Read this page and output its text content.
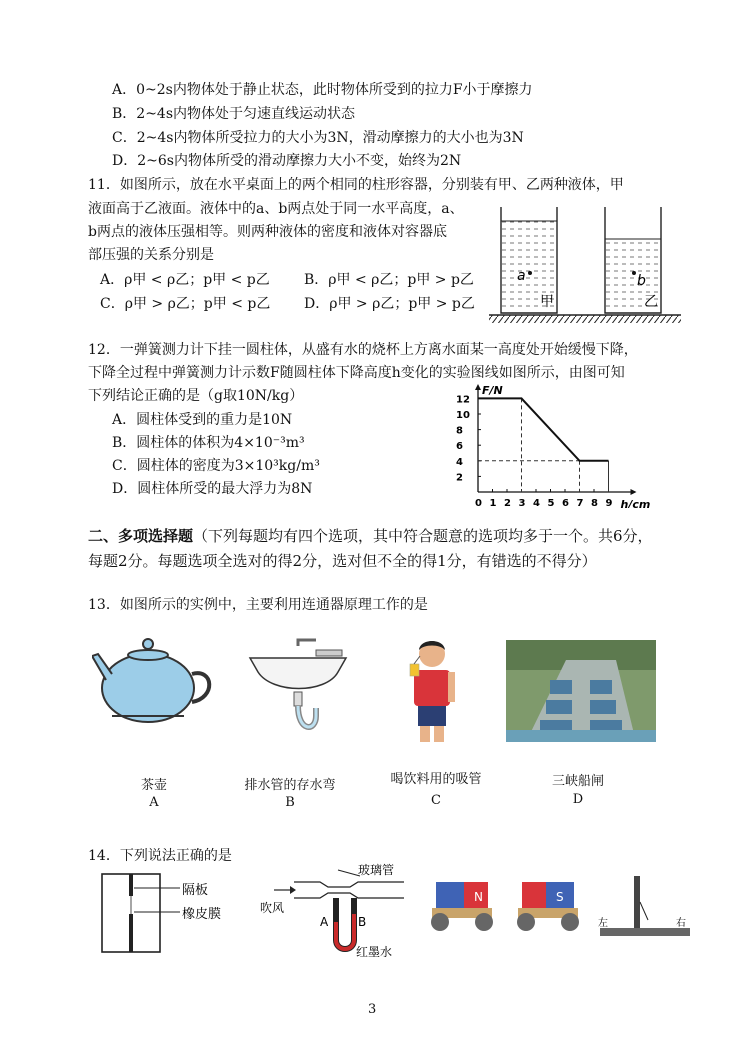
A．0~2s内物体处于静止状态，此时物体所受到的拉力F小于摩擦力
B．2~4s内物体处于匀速直线运动状态
C．2~4s内物体所受拉力的大小为3N，滑动摩擦力的大小也为3N
D．2~6s内物体所受的滑动摩擦力大小不变，始终为2N
11．如图所示，放在水平桌面上的两个相同的柱形容器，分别装有甲、乙两种液体，甲
液面高于乙液面。液体中的a、b两点处于同一水平高度，a、
b两点的液体压强相等。则两种液体的密度和液体对容器底
部压强的关系分别是
A．ρ甲 < ρ乙；p甲 < p乙 B．ρ甲 < ρ乙；p甲 > p乙
C．ρ甲 > ρ乙；p甲 < p乙 D．ρ甲 > ρ乙；p甲 > p乙
a
甲
b
乙
12．一弹簧测力计下挂一圆柱体，从盛有水的烧杯上方离水面某一高度处开始缓慢下降，
下降全过程中弹簧测力计示数F随圆柱体下降高度h变化的实验图线如图所示，由图可知
下列结论正确的是（g取10N/kg）
A．圆柱体受到的重力是10N
B．圆柱体的体积为4×10⁻³m³
C．圆柱体的密度为3×10³kg/m³
D．圆柱体所受的最大浮力为8N
0 1 2 3 4 5 6 7 8 9
2
4
6
8
10
12
F/N
h/cm
二、多项选择题（下列每题均有四个选项，其中符合题意的选项均多于一个。共6分，
每题2分。每题选项全选对的得2分，选对但不全的得1分，有错选的不得分）
13．如图所示的实例中，主要利用连通器原理工作的是
茶壶
A
排水管的存水弯
B
喝饮料用的吸管
C
三峡船闸
D
14．下列说法正确的是
隔板
橡皮膜
玻璃管
吹风
A B
红墨水
N	S
左	右
3
